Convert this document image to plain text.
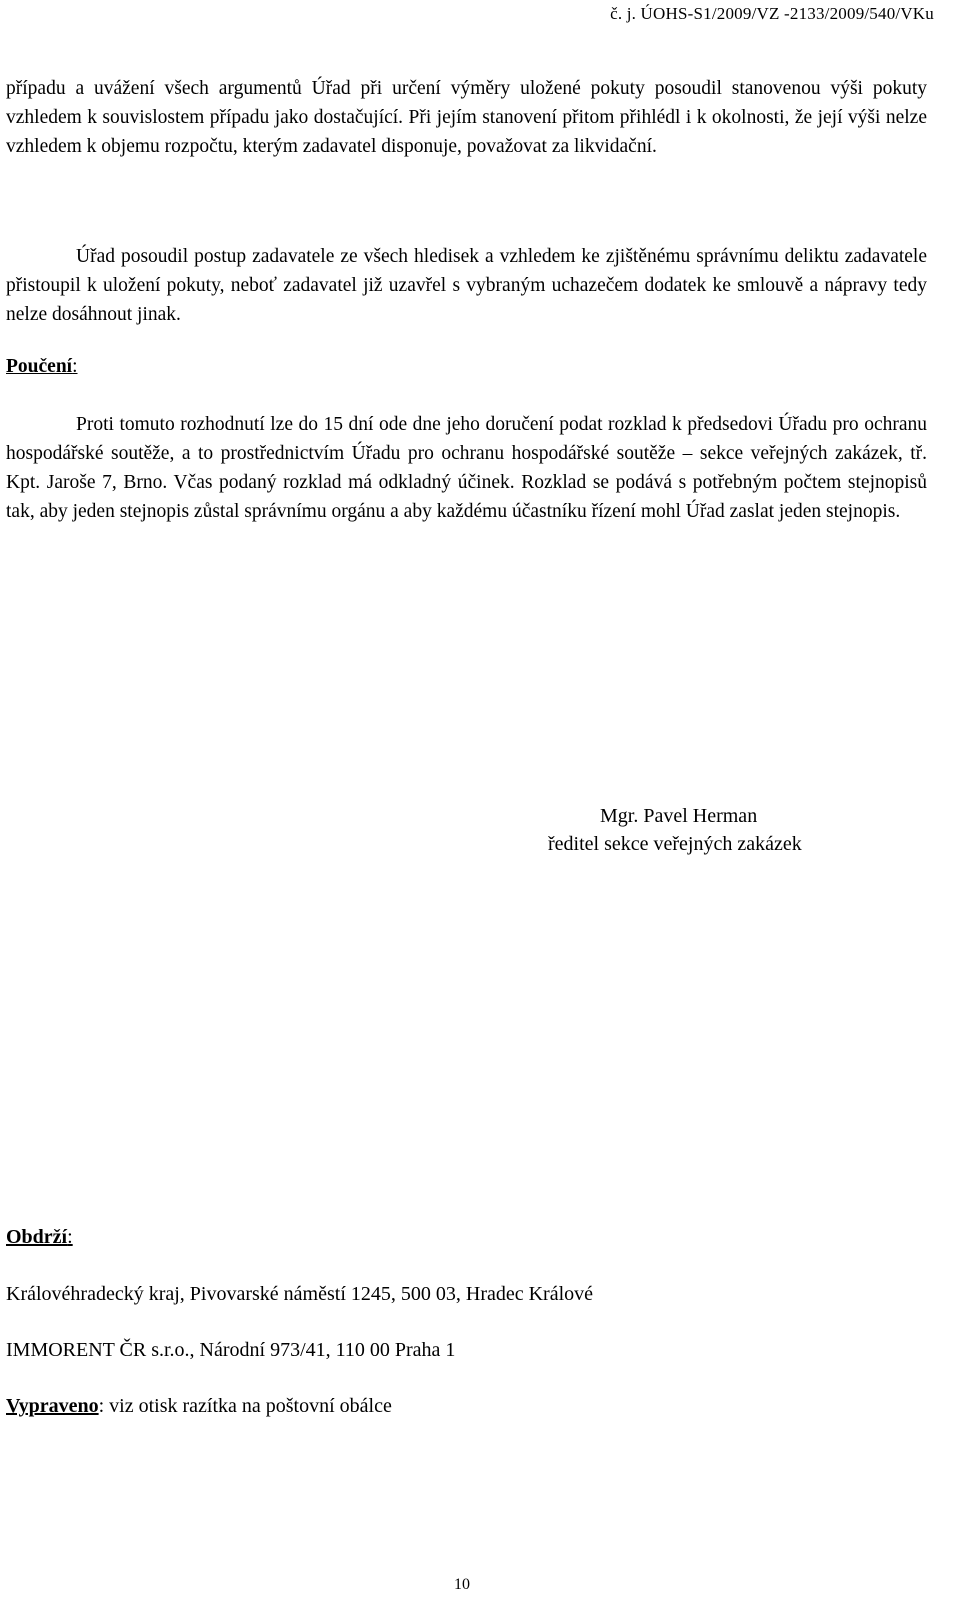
č. j. ÚOHS-S1/2009/VZ -2133/2009/540/VKu

případu a uvážení všech argumentů Úřad při určení výměry uložené pokuty posoudil stanovenou výši pokuty vzhledem k souvislostem případu jako dostačující. Při jejím stanovení přitom přihlédl i k okolnosti, že její výši nelze vzhledem k objemu rozpočtu, kterým zadavatel disponuje, považovat za likvidační.

Úřad posoudil postup zadavatele ze všech hledisek a vzhledem ke zjištěnému správnímu deliktu zadavatele přistoupil k uložení pokuty, neboť zadavatel již uzavřel s vybraným uchazečem dodatek ke smlouvě a nápravy tedy nelze dosáhnout jinak.

Poučení:

Proti tomuto rozhodnutí lze do 15 dní ode dne jeho doručení podat rozklad k předsedovi Úřadu pro ochranu hospodářské soutěže, a to prostřednictvím Úřadu pro ochranu hospodářské soutěže – sekce veřejných zakázek, tř. Kpt. Jaroše 7, Brno. Včas podaný rozklad má odkladný účinek. Rozklad se podává s potřebným počtem stejnopisů tak, aby jeden stejnopis zůstal správnímu orgánu a aby každému účastníku řízení mohl Úřad zaslat jeden stejnopis.

Mgr. Pavel Herman
ředitel sekce veřejných zakázek
Obdrží:
Královéhradecký kraj, Pivovarské náměstí 1245, 500 03, Hradec Králové
IMMORENT ČR s.r.o., Národní 973/41, 110 00 Praha 1
Vypraveno: viz otisk razítka na poštovní obálce
10
